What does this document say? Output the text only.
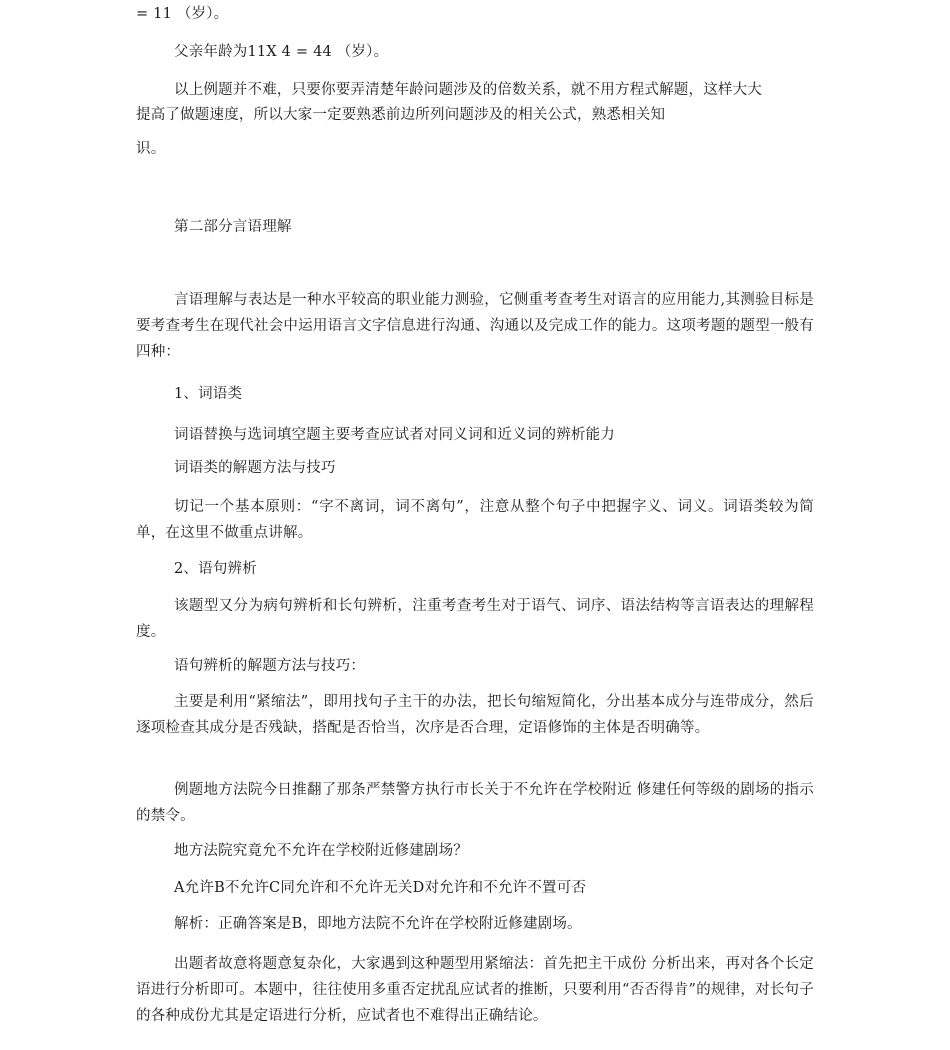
= 11 （岁）。
父亲年龄为11X 4 = 44 （岁）。
以上例题并不难，只要你要弄清楚年龄问题涉及的倍数关系，就不用方程式解题，这样大大
提高了做题速度，所以大家一定要熟悉前边所列问题涉及的相关公式，熟悉相关知
识。
第二部分言语理解
言语理解与表达是一种水平较高的职业能力测验，它侧重考查考生对语言的应用能力,其测验目标是要考查考生在现代社会中运用语言文字信息进行沟通、沟通以及完成工作的能力。这项考题的题型一般有四种：
1、词语类
词语替换与选词填空题主要考查应试者对同义词和近义词的辨析能力
词语类的解题方法与技巧
切记一个基本原则：“字不离词，词不离句”，注意从整个句子中把握字义、词义。词语类较为简单，在这里不做重点讲解。
2、语句辨析
该题型又分为病句辨析和长句辨析，注重考查考生对于语气、词序、语法结构等言语表达的理解程度。
语句辨析的解题方法与技巧：
主要是利用“紧缩法”，即用找句子主干的办法，把长句缩短简化，分出基本成分与连带成分，然后逐项检查其成分是否残缺，搭配是否恰当，次序是否合理，定语修饰的主体是否明确等。
例题地方法院今日推翻了那条严禁警方执行市长关于不允许在学校附近 修建任何等级的剧场的指示的禁令。
地方法院究竟允不允许在学校附近修建剧场？
A允许B不允许C同允许和不允许无关D对允许和不允许不置可否
解析：正确答案是B，即地方法院不允许在学校附近修建剧场。
出题者故意将题意复杂化，大家遇到这种题型用紧缩法：首先把主干成份 分析出来，再对各个长定语进行分析即可。本题中，往往使用多重否定扰乱应试者的推断，只要利用“否否得肯”的规律，对长句子的各种成份尤其是定语进行分析，应试者也不难得出正确结论。
